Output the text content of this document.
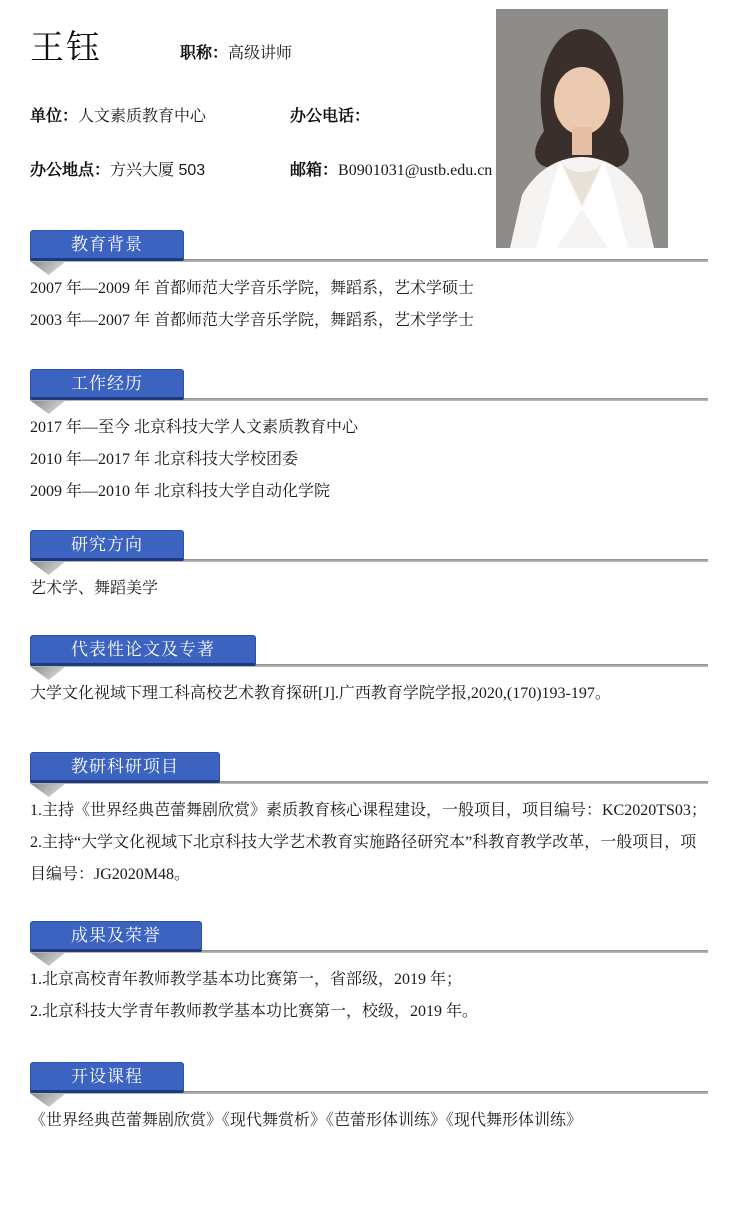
王钰	职称：高级讲师
单位：人文素质教育中心	办公电话：
办公地点：方兴大厦 503	邮箱：B0901031@ustb.edu.cn
教育背景
2007 年—2009 年 首都师范大学音乐学院，舞蹈系，艺术学硕士
2003 年—2007 年 首都师范大学音乐学院，舞蹈系，艺术学学士
工作经历
2017 年—至今 北京科技大学人文素质教育中心
2010 年—2017 年 北京科技大学校团委
2009 年—2010 年 北京科技大学自动化学院
研究方向
艺术学、舞蹈美学
代表性论文及专著
大学文化视域下理工科高校艺术教育探研[J].广西教育学院学报,2020,(170)193-197。
教研科研项目
1.主持《世界经典芭蕾舞剧欣赏》素质教育核心课程建设，一般项目，项目编号：KC2020TS03；
2.主持“大学文化视域下北京科技大学艺术教育实施路径研究本”科教育教学改革，一般项目，项目编号：JG2020M48。
成果及荣誉
1.北京高校青年教师教学基本功比赛第一，省部级，2019 年；
2.北京科技大学青年教师教学基本功比赛第一，校级，2019 年。
开设课程
《世界经典芭蕾舞剧欣赏》《现代舞赏析》《芭蕾形体训练》《现代舞形体训练》
